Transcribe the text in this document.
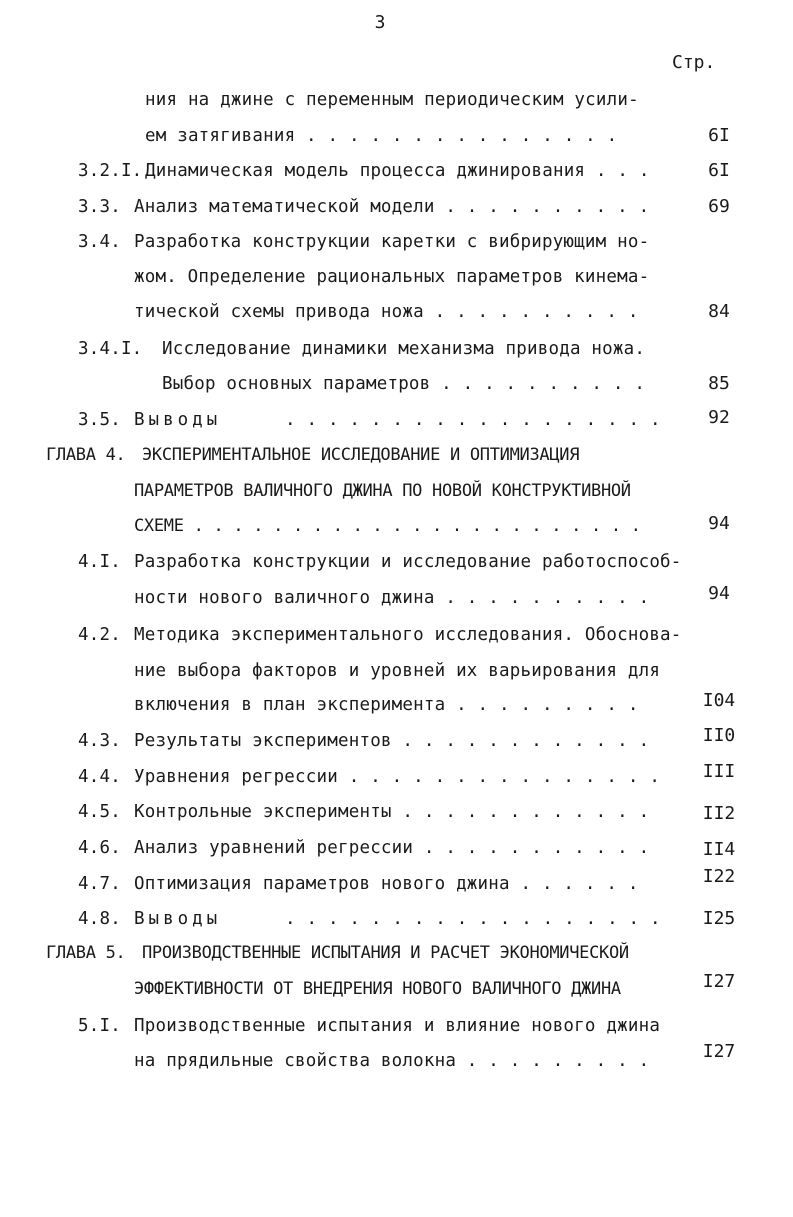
3
Стр.
ния на джине с переменным периодическим усили-
ем затягивания . . . . . . . . . . . . . . .	6I
3.2.I. Динамическая модель процесса джинирования . . .	6I
3.3. Анализ математической модели . . . . . . . . . .	69
3.4. Разработка конструкции каретки с вибрирующим но-
жом. Определение рациональных параметров кинема-
тической схемы привода ножа . . . . . . . . . .	84
3.4.I. Исследование динамики механизма привода ножа.
Выбор основных параметров . . . . . . . . . .	85
3.5. Выводы	. . . . . . . . . . . . . . . . . .	92
ГЛАВА 4. ЭКСПЕРИМЕНТАЛЬНОЕ ИССЛЕДОВАНИЕ И ОПТИМИЗАЦИЯ
ПАРАМЕТРОВ ВАЛИЧНОГО ДЖИНА ПО НОВОЙ КОНСТРУКТИВНОЙ
СХЕМЕ . . . . . . . . . . . . . . . . . . . . . . .	94
4.I. Разработка конструкции и исследование работоспособ-
ности нового валичного джина . . . . . . . . . .	94
4.2. Методика экспериментального исследования. Обоснова-
ние выбора факторов и уровней их варьирования для
включения в план эксперимента . . . . . . . . .	I04
4.3. Результаты экспериментов . . . . . . . . . . . .	II0
4.4. Уравнения регрессии . . . . . . . . . . . . . . .	III
4.5. Контрольные эксперименты . . . . . . . . . . . .	II2
4.6. Анализ уравнений регрессии . . . . . . . . . . .	II4
4.7. Оптимизация параметров нового джина . . . . . .	I22
4.8. Выводы	. . . . . . . . . . . . . . . . . .	I25
ГЛАВА 5. ПРОИЗВОДСТВЕННЫЕ ИСПЫТАНИЯ И РАСЧЕТ ЭКОНОМИЧЕСКОЙ
ЭФФЕКТИВНОСТИ ОТ ВНЕДРЕНИЯ НОВОГО ВАЛИЧНОГО ДЖИНА	I27
5.I. Производственные испытания и влияние нового джина
на прядильные свойства волокна . . . . . . . . .	I27
